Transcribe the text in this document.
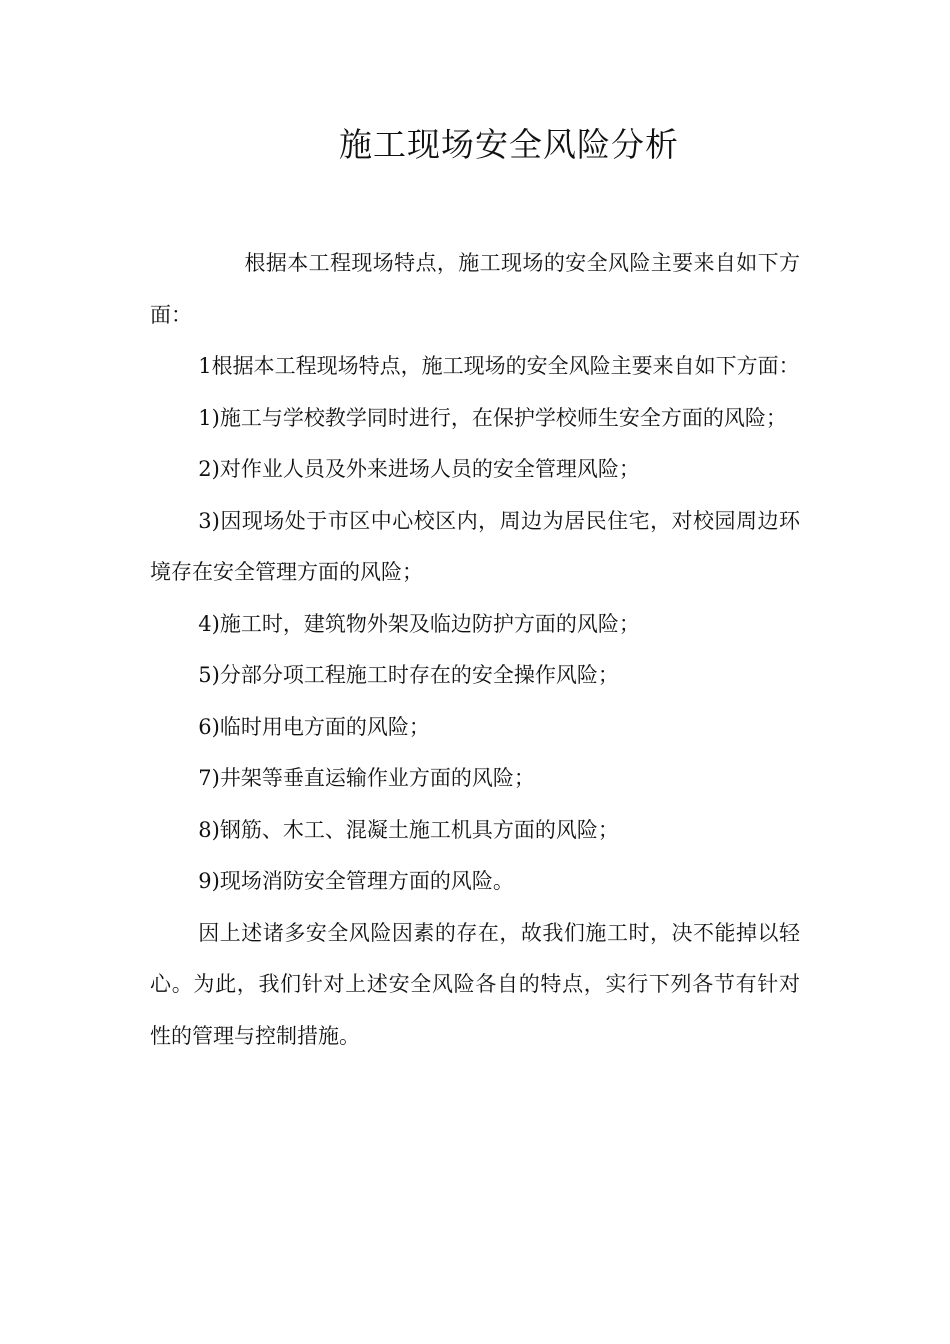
施工现场安全风险分析

根据本工程现场特点，施工现场的安全风险主要来自如下方面：

1根据本工程现场特点，施工现场的安全风险主要来自如下方面：

1)施工与学校教学同时进行，在保护学校师生安全方面的风险；

2)对作业人员及外来进场人员的安全管理风险；

3)因现场处于市区中心校区内，周边为居民住宅，对校园周边环境存在安全管理方面的风险；

4)施工时，建筑物外架及临边防护方面的风险；

5)分部分项工程施工时存在的安全操作风险；

6)临时用电方面的风险；

7)井架等垂直运输作业方面的风险；

8)钢筋、木工、混凝土施工机具方面的风险；

9)现场消防安全管理方面的风险。

因上述诸多安全风险因素的存在，故我们施工时，决不能掉以轻心。为此，我们针对上述安全风险各自的特点，实行下列各节有针对性的管理与控制措施。
